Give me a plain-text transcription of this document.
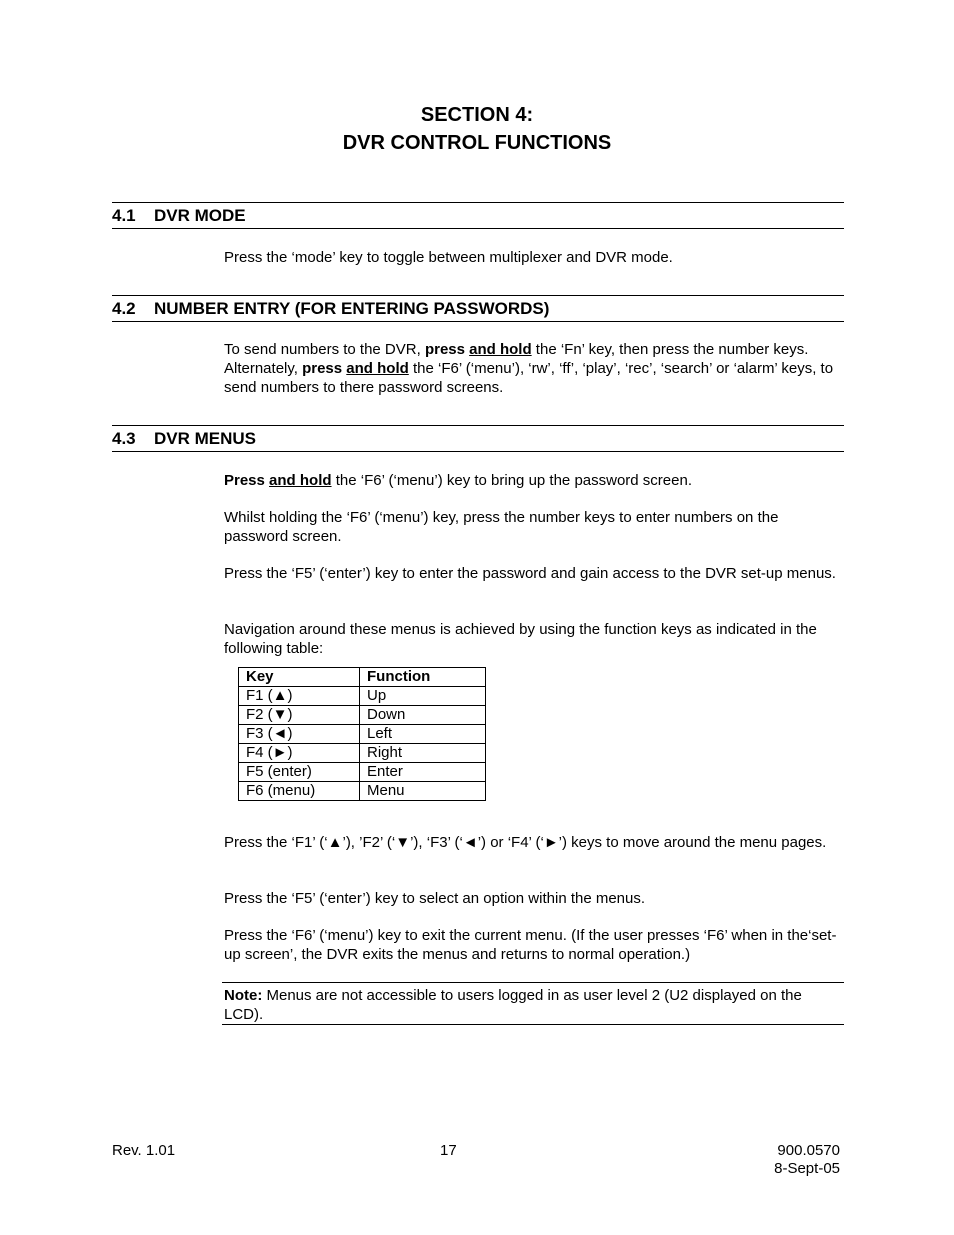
SECTION 4:
DVR CONTROL FUNCTIONS
4.1 DVR MODE
Press the ‘mode’ key to toggle between multiplexer and DVR mode.
4.2 NUMBER ENTRY (FOR ENTERING PASSWORDS)
To send numbers to the DVR, press and hold the ‘Fn’ key, then press the number keys. Alternately, press and hold the ‘F6’ (‘menu’), ‘rw’, ‘ff’, ‘play’, ‘rec’, ‘search’ or ‘alarm’ keys, to send numbers to there password screens.
4.3 DVR MENUS
Press and hold the ‘F6’ (‘menu’) key to bring up the password screen.
Whilst holding the ‘F6’ (‘menu’) key, press the number keys to enter numbers on the password screen.
Press the ‘F5’ (‘enter’) key to enter the password and gain access to the DVR set-up menus.
Navigation around these menus is achieved by using the function keys as indicated in the following table:
Key	Function
F1 (▲)	Up
F2 (▼)	Down
F3 (◄)	Left
F4 (►)	Right
F5 (enter)	Enter
F6 (menu)	Menu
Press the ‘F1’ (‘▲’), ’F2’ (‘▼’), ‘F3’ (‘◄’) or ‘F4’ (‘►’) keys to move around the menu pages.
Press the ‘F5’ (‘enter’) key to select an option within the menus.
Press the ‘F6’ (‘menu’) key to exit the current menu. (If the user presses ‘F6’ when in the‘set-up screen’, the DVR exits the menus and returns to normal operation.)
Note: Menus are not accessible to users logged in as user level 2 (U2 displayed on the LCD).
Rev. 1.01	17	900.0570
8-Sept-05
